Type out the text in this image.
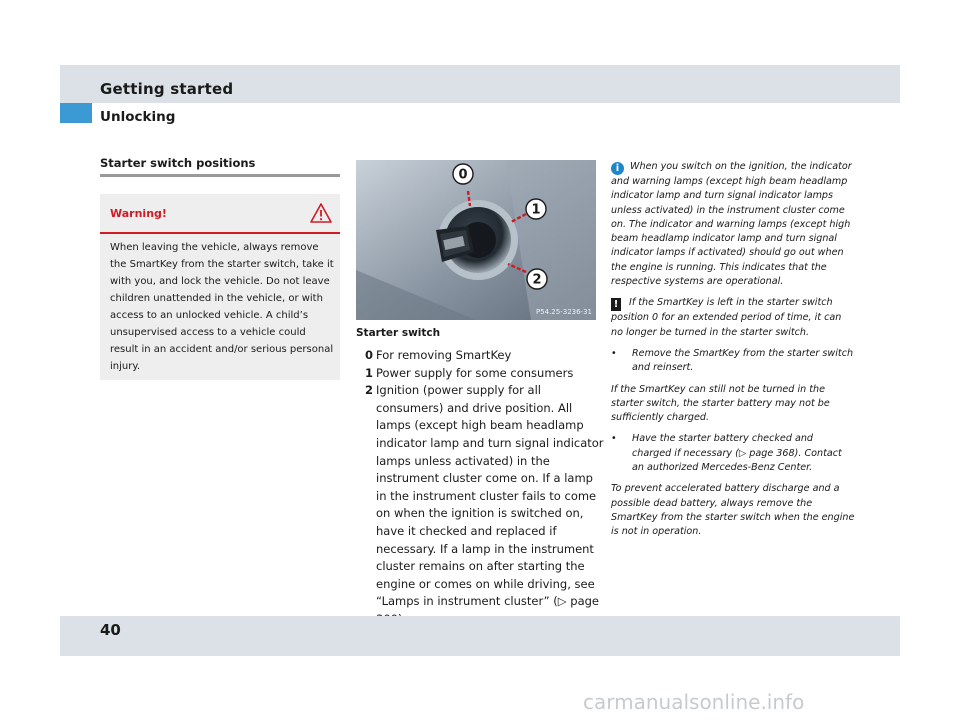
Getting started
Unlocking
Starter switch positions
Warning!
When leaving the vehicle, always remove the SmartKey from the starter switch, take it with you, and lock the vehicle. Do not leave children unattended in the vehicle, or with access to an unlocked vehicle. A child’s unsupervised access to a vehicle could result in an accident and/or serious personal injury.
0
1
2
P54.25-3236-31
Starter switch
0 For removing SmartKey
1 Power supply for some consumers
2 Ignition (power supply for all consumers) and drive position. All lamps (except high beam headlamp indicator lamp and turn signal indicator lamps unless activated) in the instrument cluster come on. If a lamp in the instrument cluster fails to come on when the ignition is switched on, have it checked and replaced if necessary. If a lamp in the instrument cluster remains on after starting the engine or comes on while driving, see “Lamps in instrument cluster” (▷ page

i When you switch on the ignition, the indicator and warning lamps (except high beam headlamp indicator lamp and turn signal indicator lamps unless activated) in the instrument cluster come on. The indicator and warning lamps (except high beam headlamp indicator lamp and turn signal indicator lamps if activated) should go out when the engine is running. This indicates that the respective systems are operational.

! If the SmartKey is left in the starter switch position 0 for an extended period of time, it can no longer be turned in the starter switch.

• Remove the SmartKey from the starter switch and reinsert.

If the SmartKey can still not be turned in the starter switch, the starter battery may not be sufficiently charged.

• Have the starter battery checked and charged if necessary (▷ page 368). Contact an authorized Mercedes-Benz Center.

To prevent accelerated battery discharge and a possible dead battery, always remove the SmartKey from the starter switch when the engine is not in operation.

40
carmanualsonline.info
